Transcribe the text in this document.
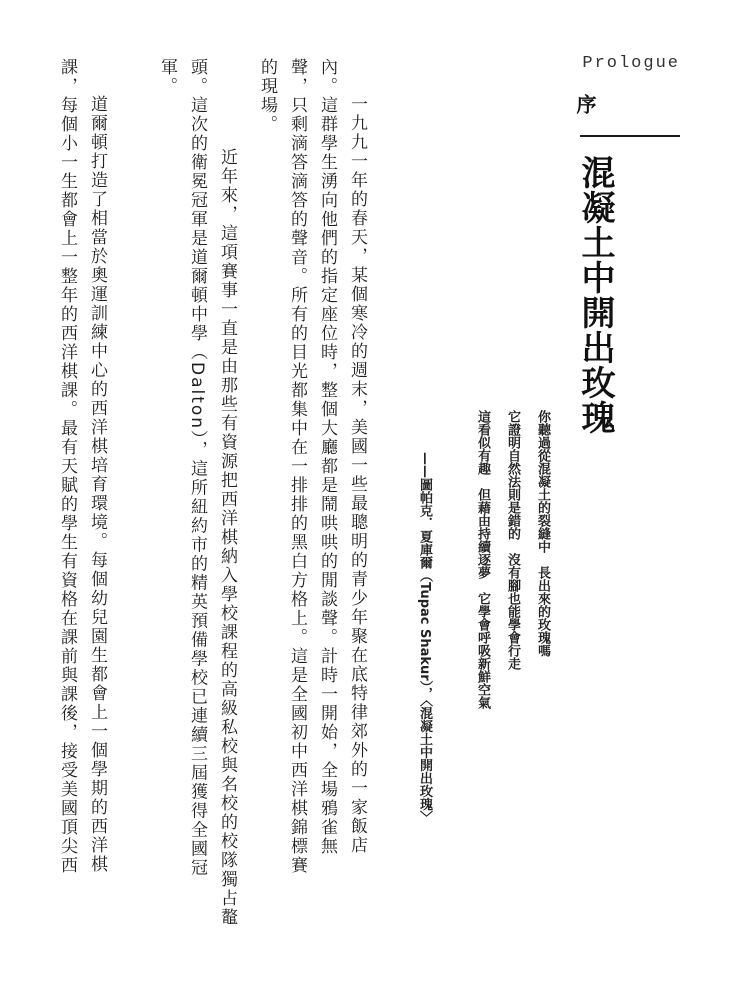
Prologue
序
混凝土中開出玫瑰
你聽過從混凝土的裂縫中　長出來的玫瑰嗎
它證明自然法則是錯的　沒有腳也能學會行走
這看似有趣　但藉由持續逐夢　它學會呼吸新鮮空氣
——圖帕克．夏庫爾（Tupac Shakur），〈混凝土中開出玫瑰〉
一九九一年的春天，某個寒冷的週末，美國一些最聰明的青少年聚在底特律郊外的一家飯店
內。這群學生湧向他們的指定座位時，整個大廳都是鬧哄哄的閒談聲。計時一開始，全場鴉雀無
聲，只剩滴答滴答的聲音。所有的目光都集中在一排排的黑白方格上。這是全國初中西洋棋錦標賽
的現場。
近年來，這項賽事一直是由那些有資源把西洋棋納入學校課程的高級私校與名校的校隊獨占鼇
頭。這次的衛冕冠軍是道爾頓中學（Dalton），這所紐約市的精英預備學校已連續三屆獲得全國冠
軍。
道爾頓打造了相當於奧運訓練中心的西洋棋培育環境。每個幼兒園生都會上一個學期的西洋棋
課，每個小一生都會上一整年的西洋棋課。最有天賦的學生有資格在課前與課後，接受美國頂尖西
